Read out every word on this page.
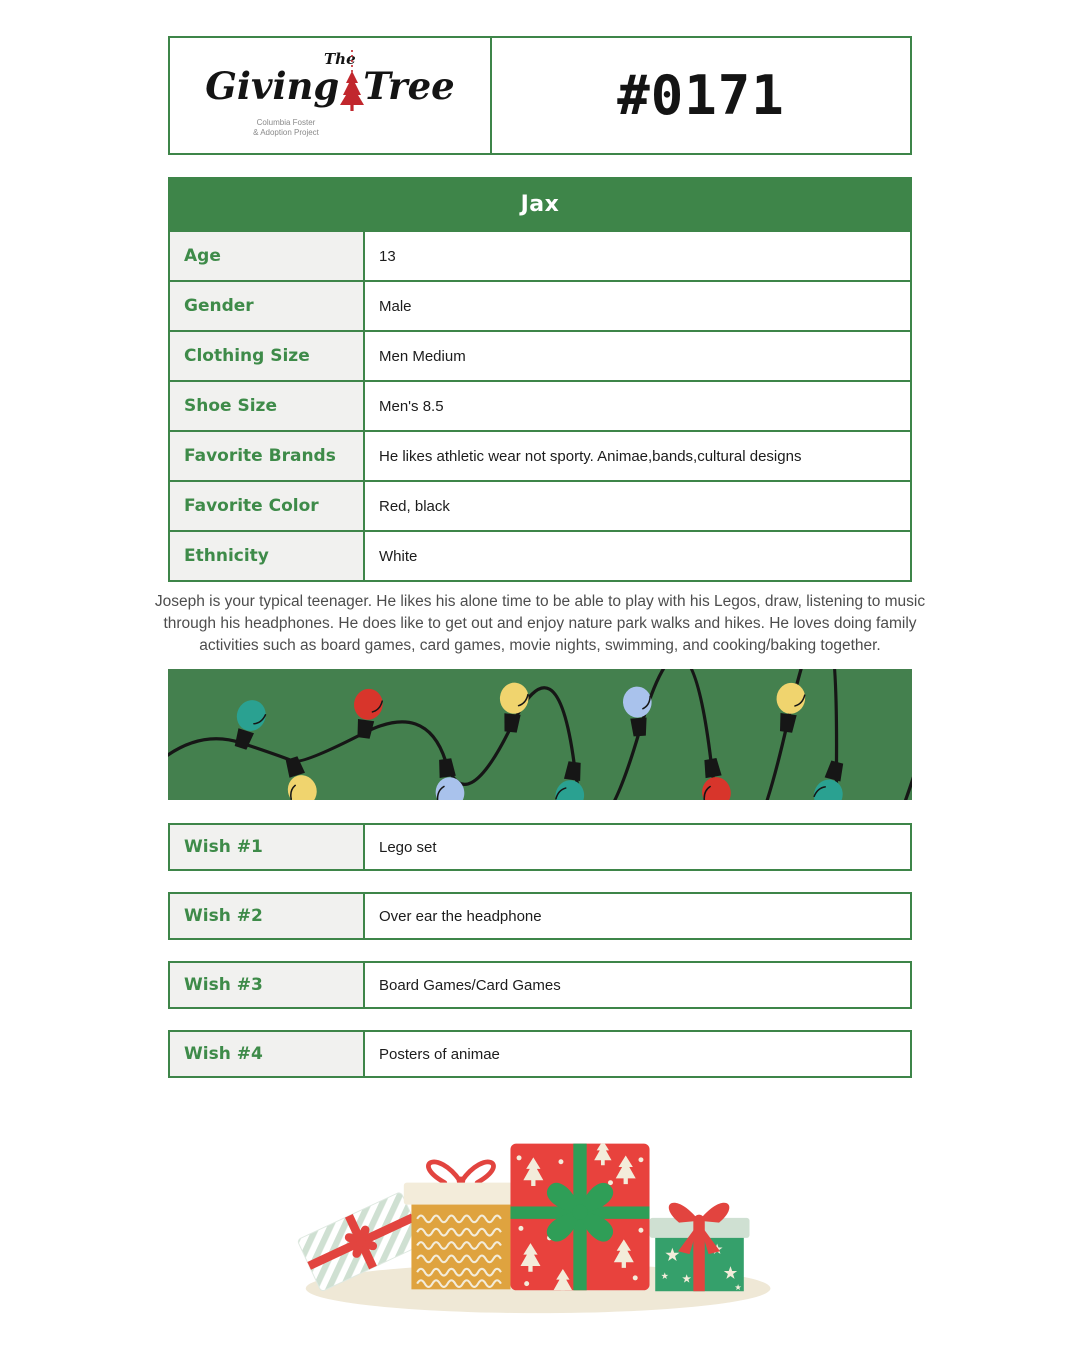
The
Giving Tree
Columbia Foster
& Adoption Project
#0171
Jax
Age	13
Gender	Male
Clothing Size	Men Medium
Shoe Size	Men's 8.5
Favorite Brands	He likes athletic wear not sporty. Animae,bands,cultural designs
Favorite Color	Red, black
Ethnicity	White

Joseph is your typical teenager. He likes his alone time to be able to play with his Legos, draw, listening to music through his headphones. He does like to get out and enjoy nature park walks and hikes. He loves doing family activities such as board games, card games, movie nights, swimming, and cooking/baking together.

Wish #1	Lego set
Wish #2	Over ear the headphone
Wish #3	Board Games/Card Games
Wish #4	Posters of animae
